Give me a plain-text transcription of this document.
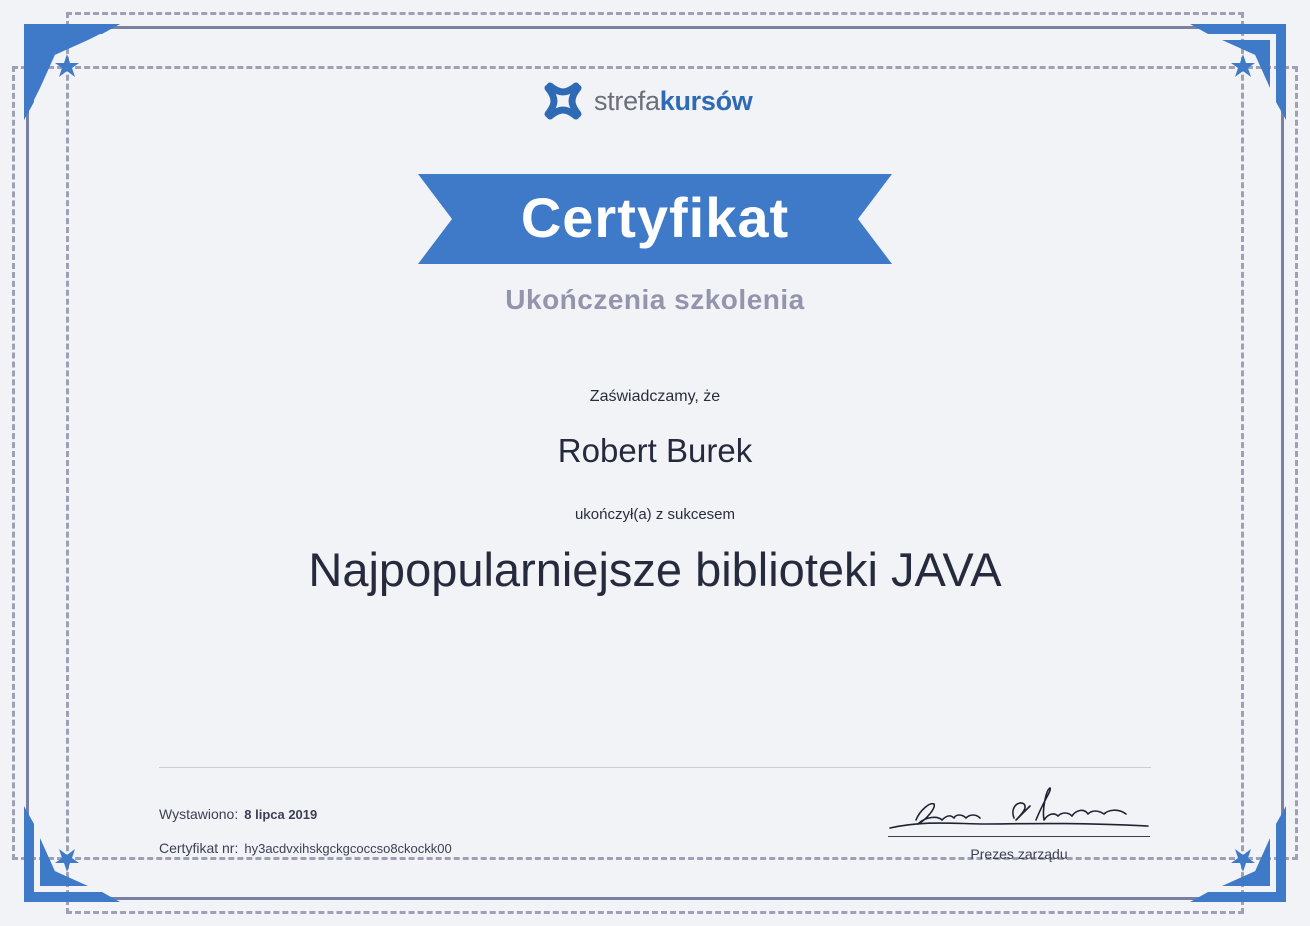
strefakursów
Certyfikat
Ukończenia szkolenia
Zaświadczamy, że
Robert Burek
ukończył(a) z sukcesem
Najpopularniejsze biblioteki JAVA
Wystawiono: 8 lipca 2019
Certyfikat nr: hy3acdvxihskgckgcoccso8ckockk00	Prezes zarządu
